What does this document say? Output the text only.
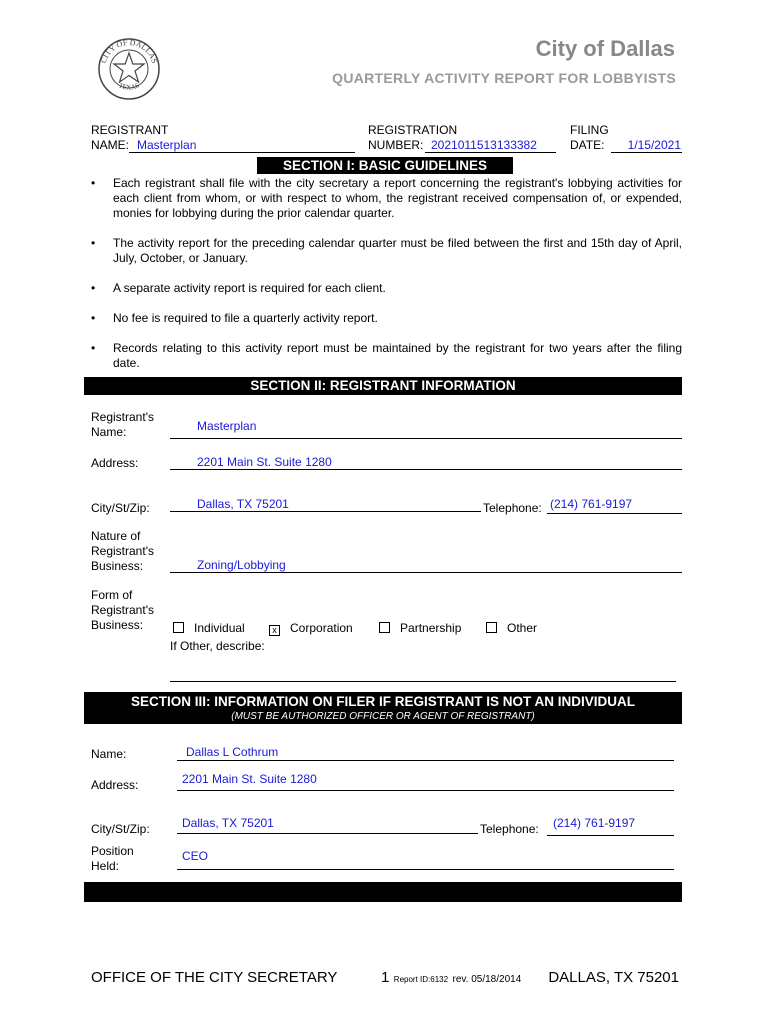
CITY OF DALLAS
TEXAS
City of Dallas
QUARTERLY ACTIVITY REPORT FOR LOBBYISTS
REGISTRANT
NAME: Masterplan
REGISTRATION
NUMBER: 2021011513133382
FILING
DATE: 1/15/2021
SECTION I: BASIC GUIDELINES
• Each registrant shall file with the city secretary a report concerning the registrant's lobbying activities for each client from whom, or with respect to whom, the registrant received compensation of, or expended, monies for lobbying during the prior calendar quarter.
• The activity report for the preceding calendar quarter must be filed between the first and 15th day of April, July, October, or January.
• A separate activity report is required for each client.
• No fee is required to file a quarterly activity report.
• Records relating to this activity report must be maintained by the registrant for two years after the filing date.
SECTION II: REGISTRANT INFORMATION
Registrant's Name:	Masterplan
Address:	2201 Main St. Suite 1280
City/St/Zip:	Dallas, TX 75201	Telephone: (214) 761-9197
Nature of Registrant's Business:	Zoning/Lobbying
Form of Registrant's Business:	Individual	x Corporation	Partnership	Other
If Other, describe:
SECTION III: INFORMATION ON FILER IF REGISTRANT IS NOT AN INDIVIDUAL
(MUST BE AUTHORIZED OFFICER OR AGENT OF REGISTRANT)
Name:	Dallas L Cothrum
Address:	2201 Main St. Suite 1280
City/St/Zip:	Dallas, TX 75201	Telephone: (214) 761-9197
Position Held:
CEO
OFFICE OF THE CITY SECRETARY	1 Report ID:6132 rev. 05/18/2014 DALLAS, TX 75201
